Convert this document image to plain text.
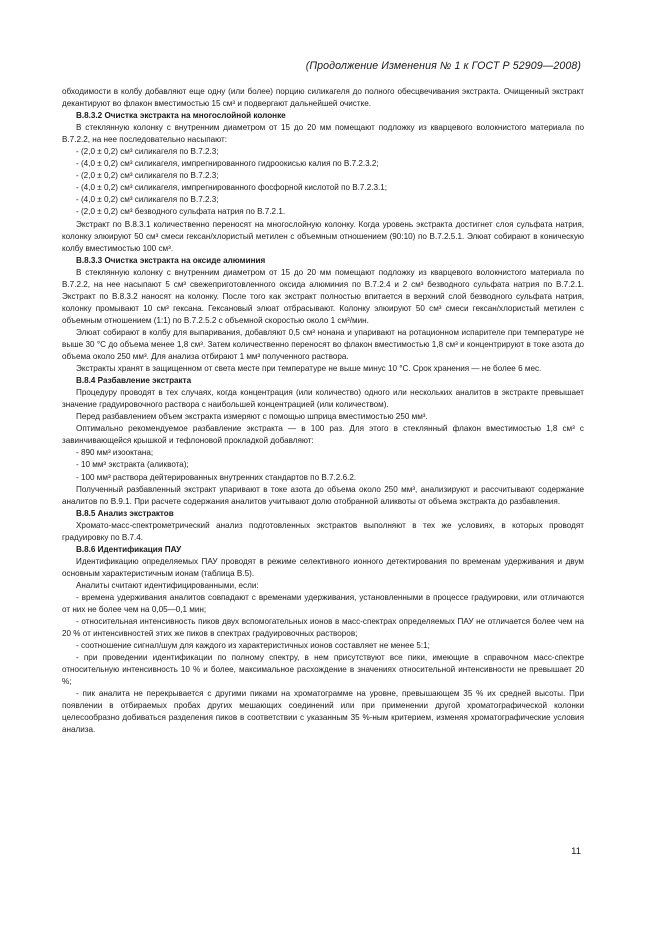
(Продолжение Изменения № 1 к ГОСТ Р 52909—2008)

обходимости в колбу добавляют еще одну (или более) порцию силикагеля до полного обесцвечивания экстракта. Очищенный экстракт декантируют во флакон вместимостью 15 см³ и подвергают дальнейшей очистке.

В.8.3.2 Очистка экстракта на многослойной колонке

В стеклянную колонку с внутренним диаметром от 15 до 20 мм помещают подложку из кварцевого волокнистого материала по В.7.2.2, на нее последовательно насыпают:

- (2,0 ± 0,2) см³ силикагеля по В.7.2.3;

- (4,0 ± 0,2) см³ силикагеля, импрегнированного гидроокисью калия по В.7.2.3.2;

- (2,0 ± 0,2) см³ силикагеля по В.7.2.3;

- (4,0 ± 0,2) см³ силикагеля, импрегнированного фосфорной кислотой по В.7.2.3.1;

- (4,0 ± 0,2) см³ силикагеля по В.7.2.3;

- (2,0 ± 0,2) см³ безводного сульфата натрия по В.7.2.1.

Экстракт по В.8.3.1 количественно переносят на многослойную колонку. Когда уровень экстракта достигнет слоя сульфата натрия, колонку элюируют 50 см³ смеси гексан/хлористый метилен с объемным отношением (90:10) по В.7.2.5.1. Элюат собирают в коническую колбу вместимостью 100 см³.

В.8.3.3 Очистка экстракта на оксиде алюминия

В стеклянную колонку с внутренним диаметром от 15 до 20 мм помещают подложку из кварцевого волокнистого материала по В.7.2.2, на нее насыпают 5 см³ свежеприготовленного оксида алюминия по В.7.2.4 и 2 см³ безводного сульфата натрия по В.7.2.1. Экстракт по В.8.3.2 наносят на колонку. После того как экстракт полностью впитается в верхний слой безводного сульфата натрия, колонку промывают 10 см³ гексана. Гексановый элюат отбрасывают. Колонку элюируют 50 см³ смеси гексан/хлористый метилен с объемным отношением (1:1) по В.7.2.5.2 с объемной скоростью около 1 см³/мин.

Элюат собирают в колбу для выпаривания, добавляют 0,5 см³ нонана и упаривают на ротационном испарителе при температуре не выше 30 °С до объема менее 1,8 см³. Затем количественно переносят во флакон вместимостью 1,8 см³ и концентрируют в токе азота до объема около 250 мм³. Для анализа отбирают 1 мм³ полученного раствора.

Экстракты хранят в защищенном от света месте при температуре не выше минус 10 °С. Срок хранения — не более 6 мес.

В.8.4 Разбавление экстракта

Процедуру проводят в тех случаях, когда концентрация (или количество) одного или нескольких аналитов в экстракте превышает значение градуировочного раствора с наибольшей концентрацией (или количеством).

Перед разбавлением объем экстракта измеряют с помощью шприца вместимостью 250 мм³.

Оптимально рекомендуемое разбавление экстракта — в 100 раз. Для этого в стеклянный флакон вместимостью 1,8 см³ с завинчивающейся крышкой и тефлоновой прокладкой добавляют:

- 890 мм³ изооктана;

- 10 мм³ экстракта (аликвота);

- 100 мм³ раствора дейтерированных внутренних стандартов по В.7.2.6.2.

Полученный разбавленный экстракт упаривают в токе азота до объема около 250 мм³, анализируют и рассчитывают содержание аналитов по В.9.1. При расчете содержания аналитов учитывают долю отобранной аликвоты от объема экстракта до разбавления.

В.8.5 Анализ экстрактов

Хромато-масс-спектрометрический анализ подготовленных экстрактов выполняют в тех же условиях, в которых проводят градуировку по В.7.4.

В.8.6 Идентификация ПАУ

Идентификацию определяемых ПАУ проводят в режиме селективного ионного детектирования по временам удерживания и двум основным характеристичным ионам (таблица В.5).

Аналиты считают идентифицированными, если:

- времена удерживания аналитов совпадают с временами удерживания, установленными в процессе градуировки, или отличаются от них не более чем на 0,05—0,1 мин;

- относительная интенсивность пиков двух вспомогательных ионов в масс-спектрах определяемых ПАУ не отличается более чем на 20 % от интенсивностей этих же пиков в спектрах градуировочных растворов;

- соотношение сигнал/шум для каждого из характеристичных ионов составляет не менее 5:1;

- при проведении идентификации по полному спектру, в нем присутствуют все пики, имеющие в справочном масс-спектре относительную интенсивность 10 % и более, максимальное расхождение в значениях относительной интенсивности не превышает 20 %;

- пик аналита не перекрывается с другими пиками на хроматограмме на уровне, превышающем 35 % их средней высоты. При появлении в отбираемых пробах других мешающих соединений или при применении другой хроматографической колонки целесообразно добиваться разделения пиков в соответствии с указанным 35 %-ным критерием, изменяя хроматографические условия анализа.

11
